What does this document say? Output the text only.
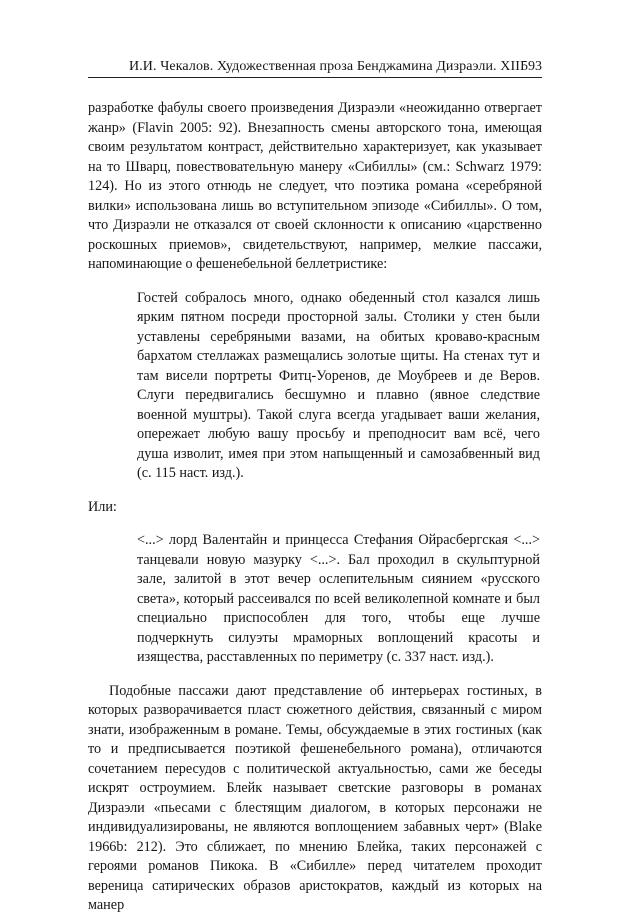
И.И. Чекалов. Художественная проза Бенджамина Дизраэли. XIII
593

разработке фабулы своего произведения Дизраэли «неожиданно отвергает жанр» (Flavin 2005: 92). Внезапность смены авторского тона, имеющая своим результатом контраст, действительно характеризует, как указывает на то Шварц, повествовательную манеру «Сибиллы» (см.: Schwarz 1979: 124). Но из этого отнюдь не следует, что поэтика романа «серебряной вилки» использована лишь во вступительном эпизоде «Сибиллы». О том, что Дизраэли не отказался от своей склонности к описанию «царственно роскошных приемов», свидетельствуют, например, мелкие пассажи, напоминающие о фешенебельной беллетристике:

Гостей собралось много, однако обеденный стол казался лишь ярким пятном посреди просторной залы. Столики у стен были уставлены серебряными вазами, на обитых кроваво-красным бархатом стеллажах размещались золотые щиты. На стенах тут и там висели портреты Фитц-Уоренов, де Моубреев и де Веров. Слуги передвигались бесшумно и плавно (явное следствие военной муштры). Такой слуга всегда угадывает ваши желания, опережает любую вашу просьбу и преподносит вам всё, чего душа изволит, имея при этом напыщенный и самозабвенный вид (с. 115 наст. изд.).

Или:

<...> лорд Валентайн и принцесса Стефания Ойрасбергская <...> танцевали новую мазурку <...>. Бал проходил в скульптурной зале, залитой в этот вечер ослепительным сиянием «русского света», который рассеивался по всей великолепной комнате и был специально приспособлен для того, чтобы еще лучше подчеркнуть силуэты мраморных воплощений красоты и изящества, расставленных по периметру (с. 337 наст. изд.).

Подобные пассажи дают представление об интерьерах гостиных, в которых разворачивается пласт сюжетного действия, связанный с миром знати, изображенным в романе. Темы, обсуждаемые в этих гостиных (как то и предписывается поэтикой фешенебельного романа), отличаются сочетанием пересудов с политической актуальностью, сами же беседы искрят остроумием. Блейк называет светские разговоры в романах Дизраэли «пьесами с блестящим диалогом, в которых персонажи не индивидуализированы, не являются воплощением забавных черт» (Blake 1966b: 212). Это сближает, по мнению Блейка, таких персонажей с героями романов Пикока. В «Сибилле» перед читателем проходит вереница сатирических образов аристократов, каждый из которых на манер
